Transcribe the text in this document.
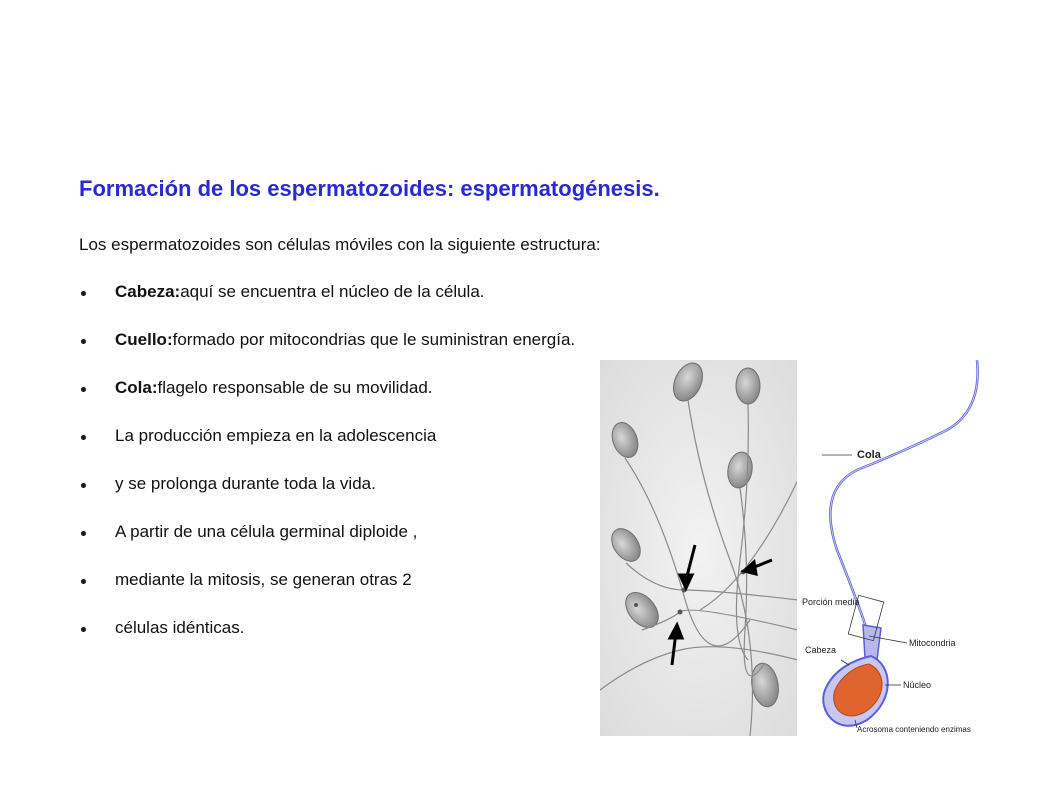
Formación de los espermatozoides: espermatogénesis.

Los espermatozoides son células móviles con la siguiente estructura:

Cabeza:aquí se encuentra el núcleo de la célula.
Cuello:formado por mitocondrias que le suministran energía.
Cola:flagelo responsable de su movilidad.
La producción empieza en la adolescencia
y se prolonga durante toda la vida.
A partir de una célula germinal diploide ,
mediante la mitosis, se generan otras 2
células idénticas.
Cola
Porción media
Mitocondria
Cabeza
Núcleo
Acrosoma conteniendo enzimas
